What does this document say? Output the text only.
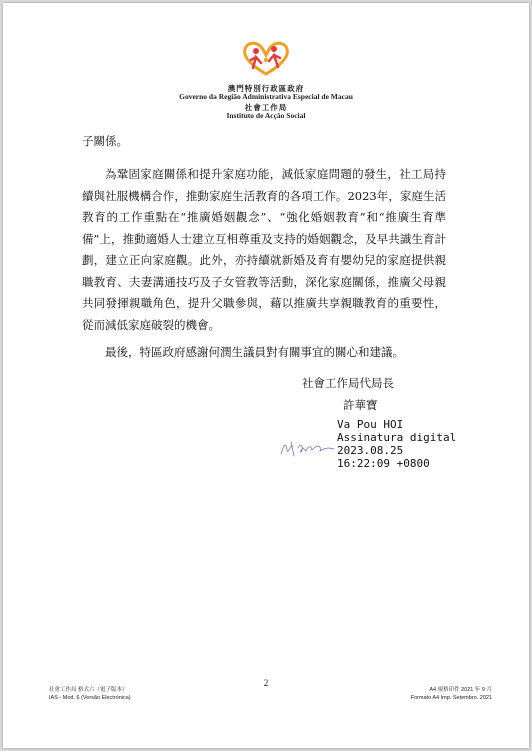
澳門特別行政區政府
Governo da Região Administrativa Especial de Macau
社會工作局
Instituto de Acção Social
子關係。
為鞏固家庭關係和提升家庭功能，減低家庭問題的發生，社工局持續與社服機構合作，推動家庭生活教育的各項工作。2023年，家庭生活教育的工作重點在“推廣婚姻觀念”、“強化婚姻教育”和“推廣生育準備”上，推動適婚人士建立互相尊重及支持的婚姻觀念，及早共識生育計劃，建立正向家庭觀。此外，亦持續就新婚及育有嬰幼兒的家庭提供親職教育、夫妻溝通技巧及子女管教等活動，深化家庭關係，推廣父母親共同發揮親職角色，提升父職參與，藉以推廣共享親職教育的重要性，從而減低家庭破裂的機會。
最後，特區政府感謝何潤生議員對有關事宜的關心和建議。
社會工作局代局長
許華寶
Va Pou HOI
Assinatura digital
2023.08.25
16:22:09 +0800
2
社會工作局 格式六（電子版本）
IAS - Mod. 6 (Versão Electrónica)
A4 規格印件 2021 年 9 月
Formato A4 Imp. Setembro. 2021
